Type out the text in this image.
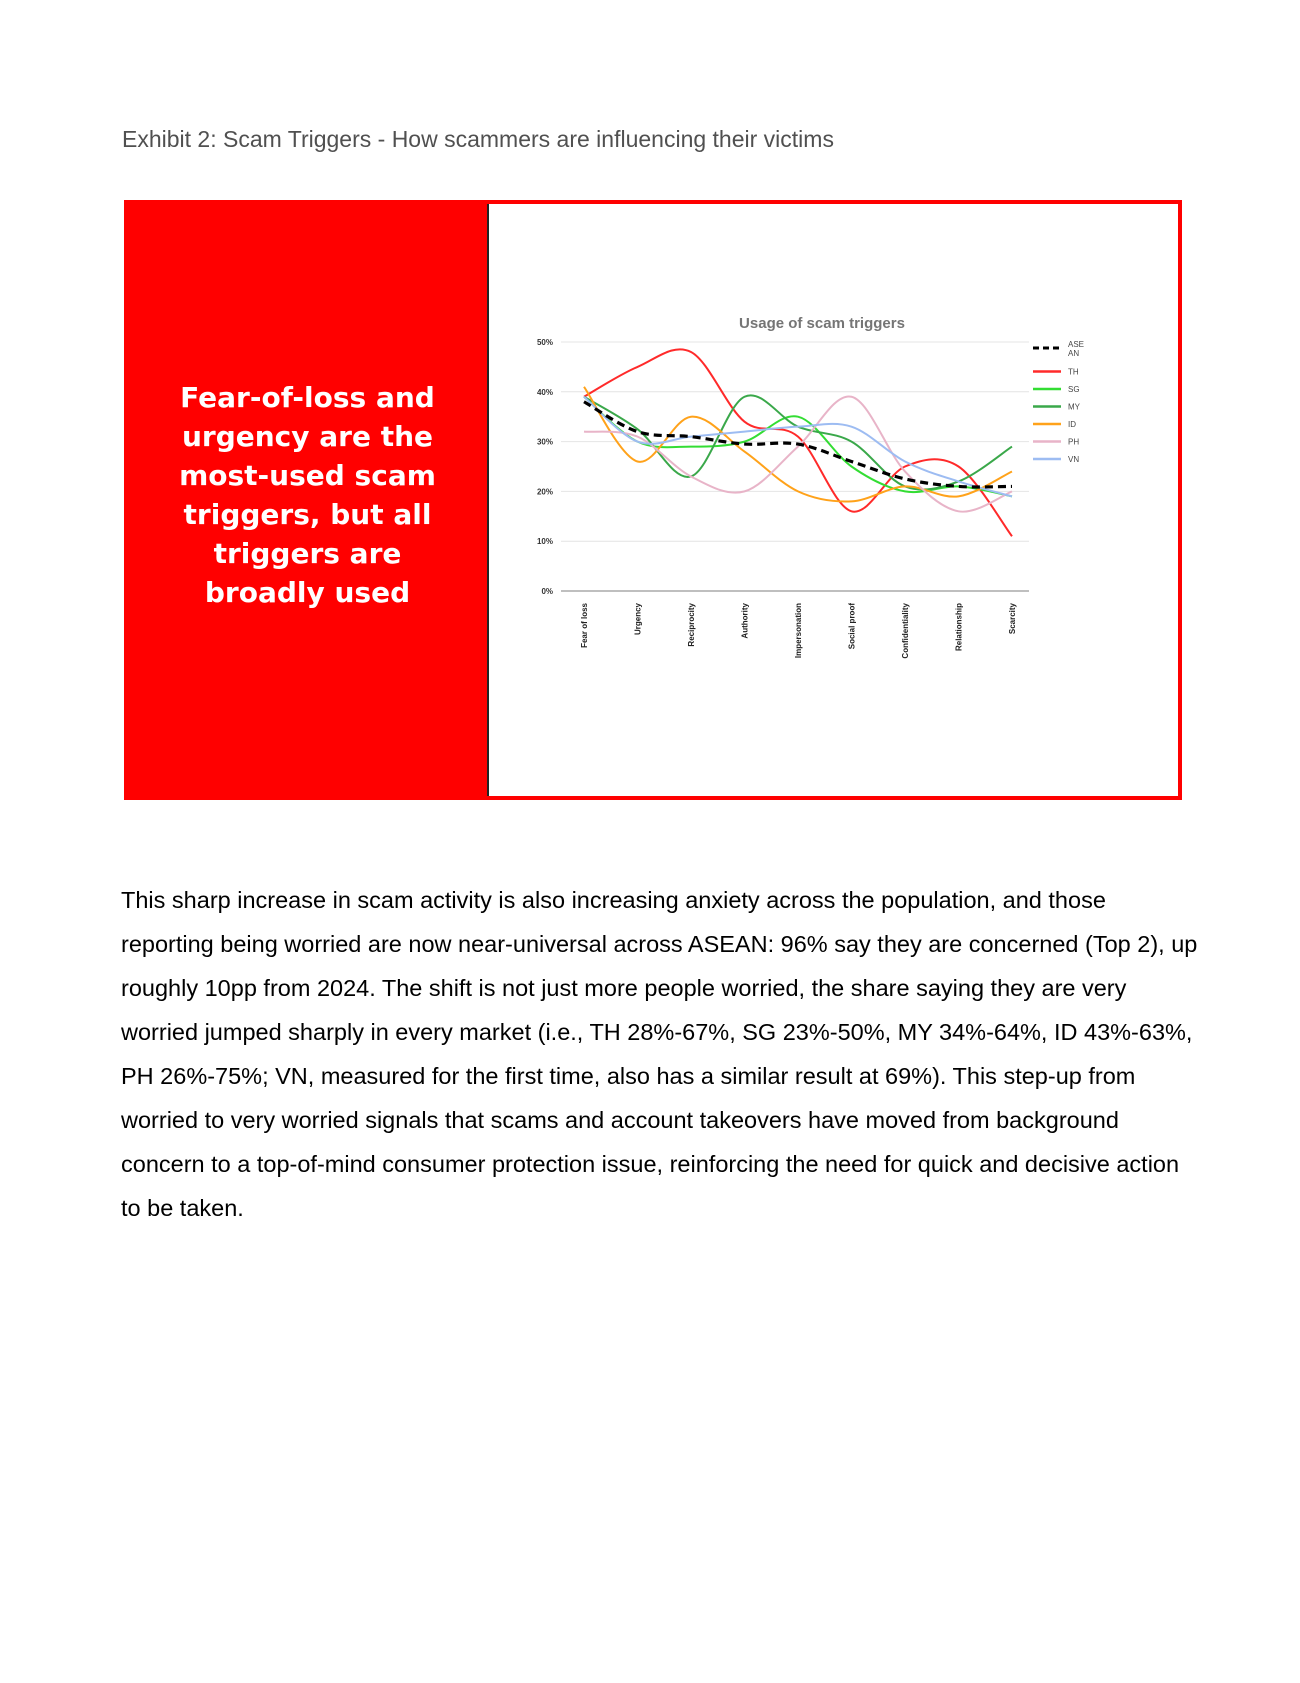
Exhibit 2: Scam Triggers - How scammers are influencing their victims
Fear-of-loss and urgency are the most-used scam triggers, but all triggers are broadly used
Usage of scam triggers
0%
10%
20%
30%
40%
50%
Fear of loss	Urgency	Reciprocity	Authority	Impersonation	Social proof	Confidentiality	Relationship	Scarcity
ASE
AN
TH
SG
MY
ID
PH
VN

This sharp increase in scam activity is also increasing anxiety across the population, and those reporting being worried are now near-universal across ASEAN: 96% say they are concerned (Top 2), up roughly 10pp from 2024. The shift is not just more people worried, the share saying they are very worried jumped sharply in every market (i.e., TH 28%-67%, SG 23%-50%, MY 34%-64%, ID 43%-63%, PH 26%-75%; VN, measured for the first time, also has a similar result at 69%). This step-up from worried to very worried signals that scams and account takeovers have moved from background concern to a top-of-mind consumer protection issue, reinforcing the need for quick and decisive action to be taken.
